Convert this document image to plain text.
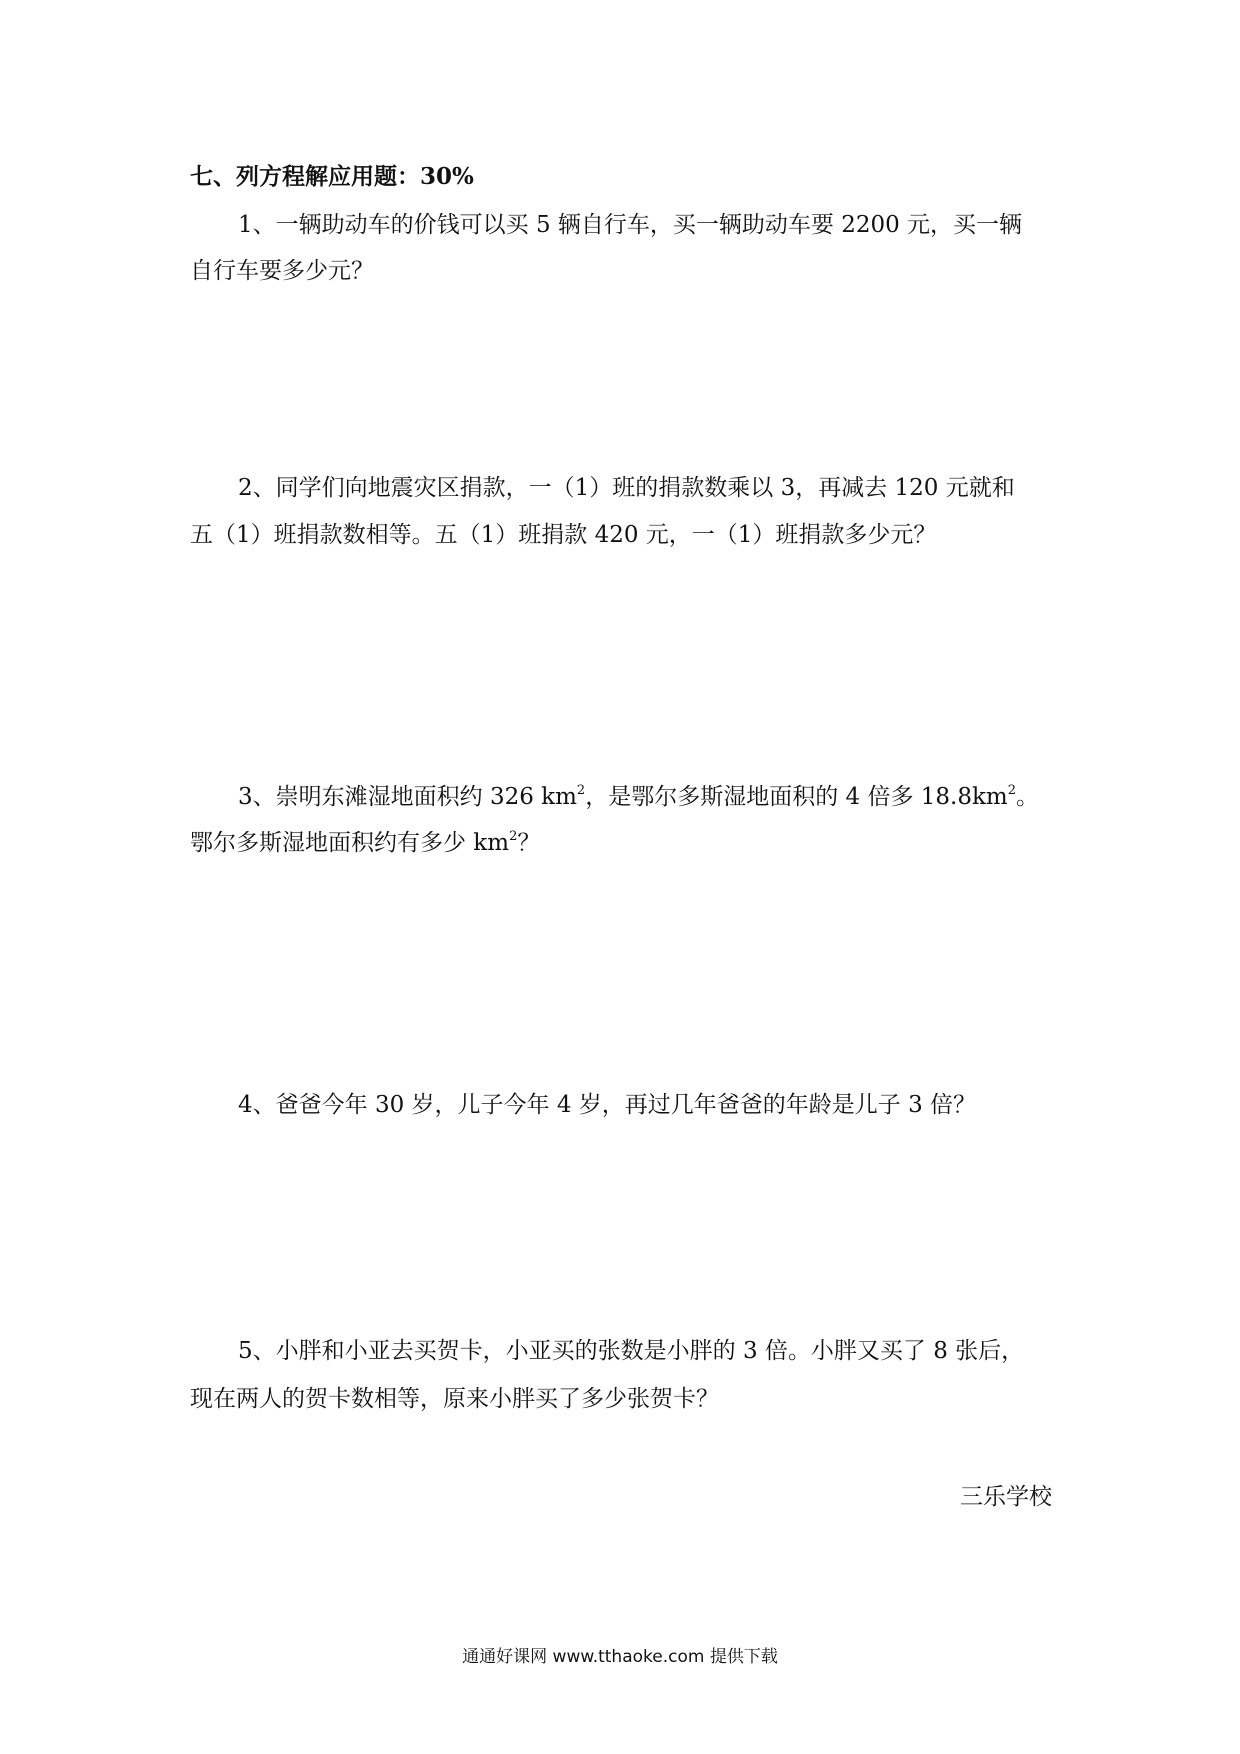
七、列方程解应用题：30%
1、一辆助动车的价钱可以买 5 辆自行车，买一辆助动车要 2200 元，买一辆
自行车要多少元？
2、同学们向地震灾区捐款，一（1）班的捐款数乘以 3，再减去 120 元就和
五（1）班捐款数相等。五（1）班捐款 420 元，一（1）班捐款多少元？
3、崇明东滩湿地面积约 326 $km^2$，是鄂尔多斯湿地面积的 4 倍多 $18.8km^2$。
鄂尔多斯湿地面积约有多少 $km^2$？
4、爸爸今年 30 岁，儿子今年 4 岁，再过几年爸爸的年龄是儿子 3 倍？
5、小胖和小亚去买贺卡，小亚买的张数是小胖的 3 倍。小胖又买了 8 张后，
现在两人的贺卡数相等，原来小胖买了多少张贺卡？
三乐学校
通通好课网 www.tthaoke.com 提供下载
